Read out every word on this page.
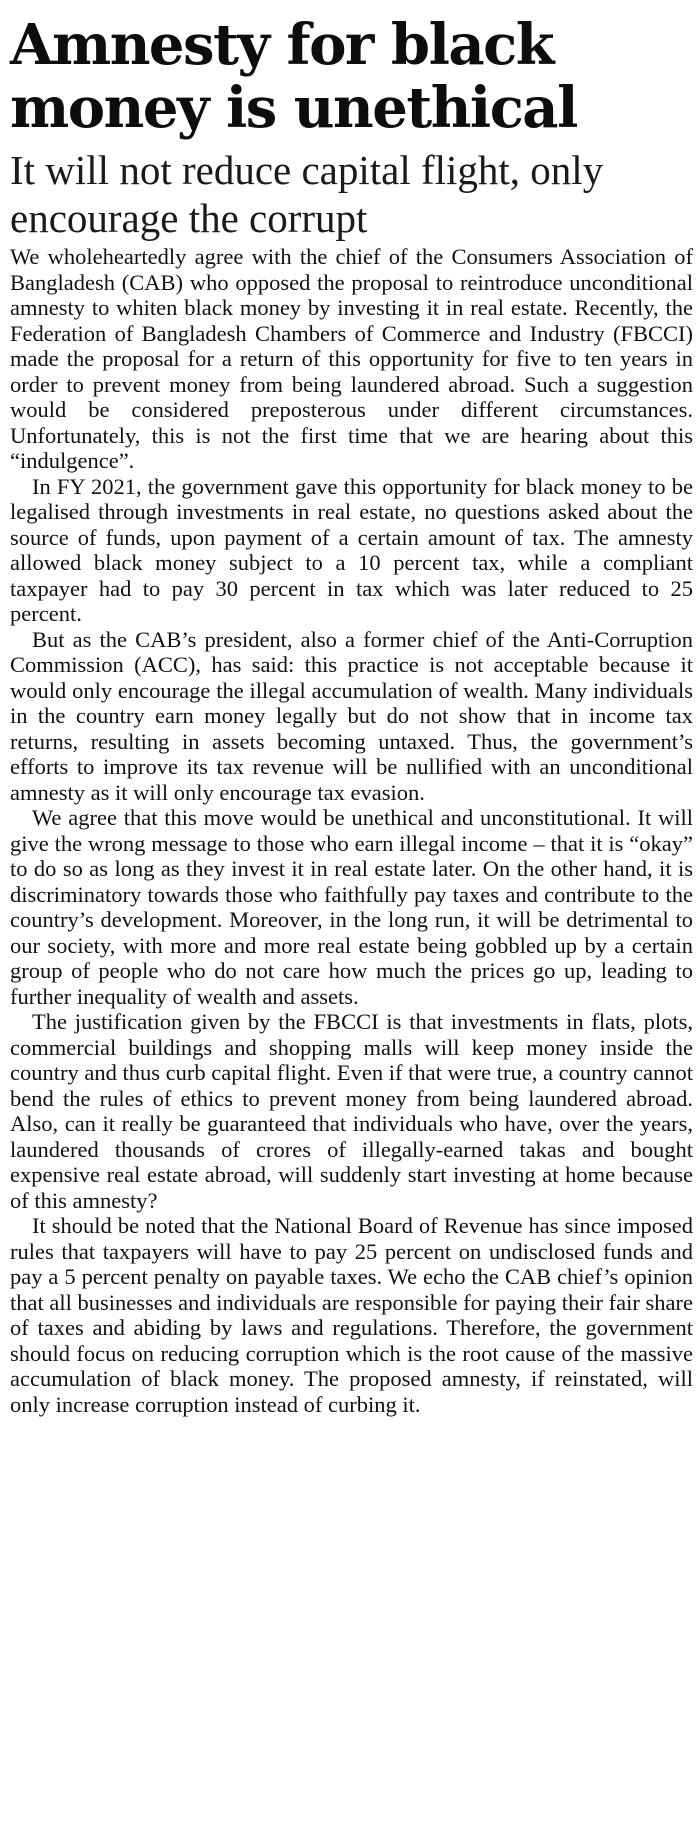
Amnesty for black money is unethical
It will not reduce capital flight, only encourage the corrupt

We wholeheartedly agree with the chief of the Consumers Association of Bangladesh (CAB) who opposed the proposal to reintroduce unconditional amnesty to whiten black money by investing it in real estate. Recently, the Federation of Bangladesh Chambers of Commerce and Industry (FBCCI) made the proposal for a return of this opportunity for five to ten years in order to prevent money from being laundered abroad. Such a suggestion would be considered preposterous under different circumstances. Unfortunately, this is not the first time that we are hearing about this “indulgence”.

In FY 2021, the government gave this opportunity for black money to be legalised through investments in real estate, no questions asked about the source of funds, upon payment of a certain amount of tax. The amnesty allowed black money subject to a 10 percent tax, while a compliant taxpayer had to pay 30 percent in tax which was later reduced to 25 percent.

But as the CAB’s president, also a former chief of the Anti-Corruption Commission (ACC), has said: this practice is not acceptable because it would only encourage the illegal accumulation of wealth. Many individuals in the country earn money legally but do not show that in income tax returns, resulting in assets becoming untaxed. Thus, the government’s efforts to improve its tax revenue will be nullified with an unconditional amnesty as it will only encourage tax evasion.

We agree that this move would be unethical and unconstitutional. It will give the wrong message to those who earn illegal income – that it is “okay” to do so as long as they invest it in real estate later. On the other hand, it is discriminatory towards those who faithfully pay taxes and contribute to the country’s development. Moreover, in the long run, it will be detrimental to our society, with more and more real estate being gobbled up by a certain group of people who do not care how much the prices go up, leading to further inequality of wealth and assets.

The justification given by the FBCCI is that investments in flats, plots, commercial buildings and shopping malls will keep money inside the country and thus curb capital flight. Even if that were true, a country cannot bend the rules of ethics to prevent money from being laundered abroad. Also, can it really be guaranteed that individuals who have, over the years, laundered thousands of crores of illegally-earned takas and bought expensive real estate abroad, will suddenly start investing at home because of this amnesty?

It should be noted that the National Board of Revenue has since imposed rules that taxpayers will have to pay 25 percent on undisclosed funds and pay a 5 percent penalty on payable taxes. We echo the CAB chief’s opinion that all businesses and individuals are responsible for paying their fair share of taxes and abiding by laws and regulations. Therefore, the government should focus on reducing corruption which is the root cause of the massive accumulation of black money. The proposed amnesty, if reinstated, will only increase corruption instead of curbing it.
